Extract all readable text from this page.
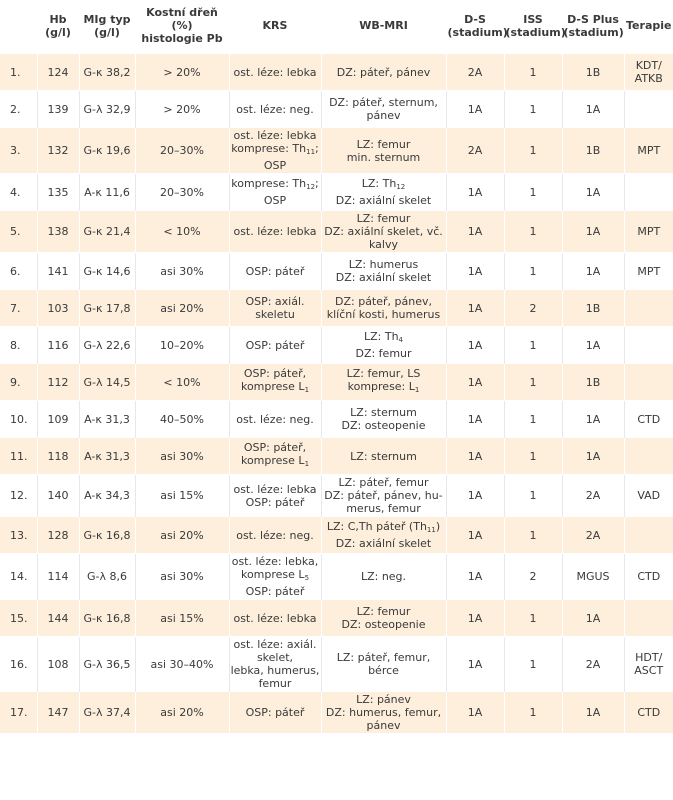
	Hb
(g/l)	MIg typ
(g/l)	Kostní dřeň
(%)
histologie Pb	KRS	WB-MRI	D-S
(stadium)	ISS
(stadium)	D-S Plus
(stadium)	Terapie

1.	124	G-κ 38,2	> 20%	ost. léze: lebka	DZ: páteř, pánev	2A	1	1B	KDT/
ATKB

2.	139	G-λ 32,9	> 20%	ost. léze: neg.	DZ: páteř, sternum,
pánev	1A	1	1A	

3.	132	G-κ 19,6	20–30%	ost. léze: lebka
komprese: $Th_{11}$;
OSP	LZ: femur
min. sternum	2A	1	1B	MPT

4.	135	A-κ 11,6	20–30%	komprese: $Th_{12}$;
OSP	LZ: $Th_{12}$
DZ: axiální skelet	1A	1	1A	

5.	138	G-κ 21,4	< 10%	ost. léze: lebka	LZ: femur
DZ: axiální skelet, vč.
kalvy	1A	1	1A	MPT

6.	141	G-κ 14,6	asi 30%	OSP: páteř	LZ: humerus
DZ: axiální skelet	1A	1	1A	MPT

7.	103	G-κ 17,8	asi 20%	OSP: axiál.
skeletu	DZ: páteř, pánev,
klíční kosti, humerus	1A	2	1B	

8.	116	G-λ 22,6	10–20%	OSP: páteř	LZ: $Th_4$
DZ: femur	1A	1	1A	

9.	112	G-λ 14,5	< 10%	OSP: páteř,
komprese $L_1$	LZ: femur, LS
komprese: $L_1$	1A	1	1B	

10.	109	A-κ 31,3	40–50%	ost. léze: neg.	LZ: sternum
DZ: osteopenie	1A	1	1A	CTD

11.	118	A-κ 31,3	asi 30%	OSP: páteř,
komprese $L_1$	LZ: sternum	1A	1	1A	

12.	140	A-κ 34,3	asi 15%	ost. léze: lebka
OSP: páteř	LZ: páteř, femur
DZ: páteř, pánev, hu-
merus, femur	1A	1	2A	VAD

13.	128	G-κ 16,8	asi 20%	ost. léze: neg.	LZ: C,Th páteř $(Th_{11})$
DZ: axiální skelet	1A	1	2A	

14.	114	G-λ 8,6	asi 30%	ost. léze: lebka,
komprese $L_5$
OSP: páteř	LZ: neg.	1A	2	MGUS	CTD

15.	144	G-κ 16,8	asi 15%	ost. léze: lebka	LZ: femur
DZ: osteopenie	1A	1	1A	

16.	108	G-λ 36,5	asi 30–40%	ost. léze: axiál.
skelet,
lebka, humerus,
femur	LZ: páteř, femur,
bérce	1A	1	2A	HDT/
ASCT

17.	147	G-λ 37,4	asi 20%	OSP: páteř	LZ: pánev
DZ: humerus, femur,
pánev	1A	1	1A	CTD
